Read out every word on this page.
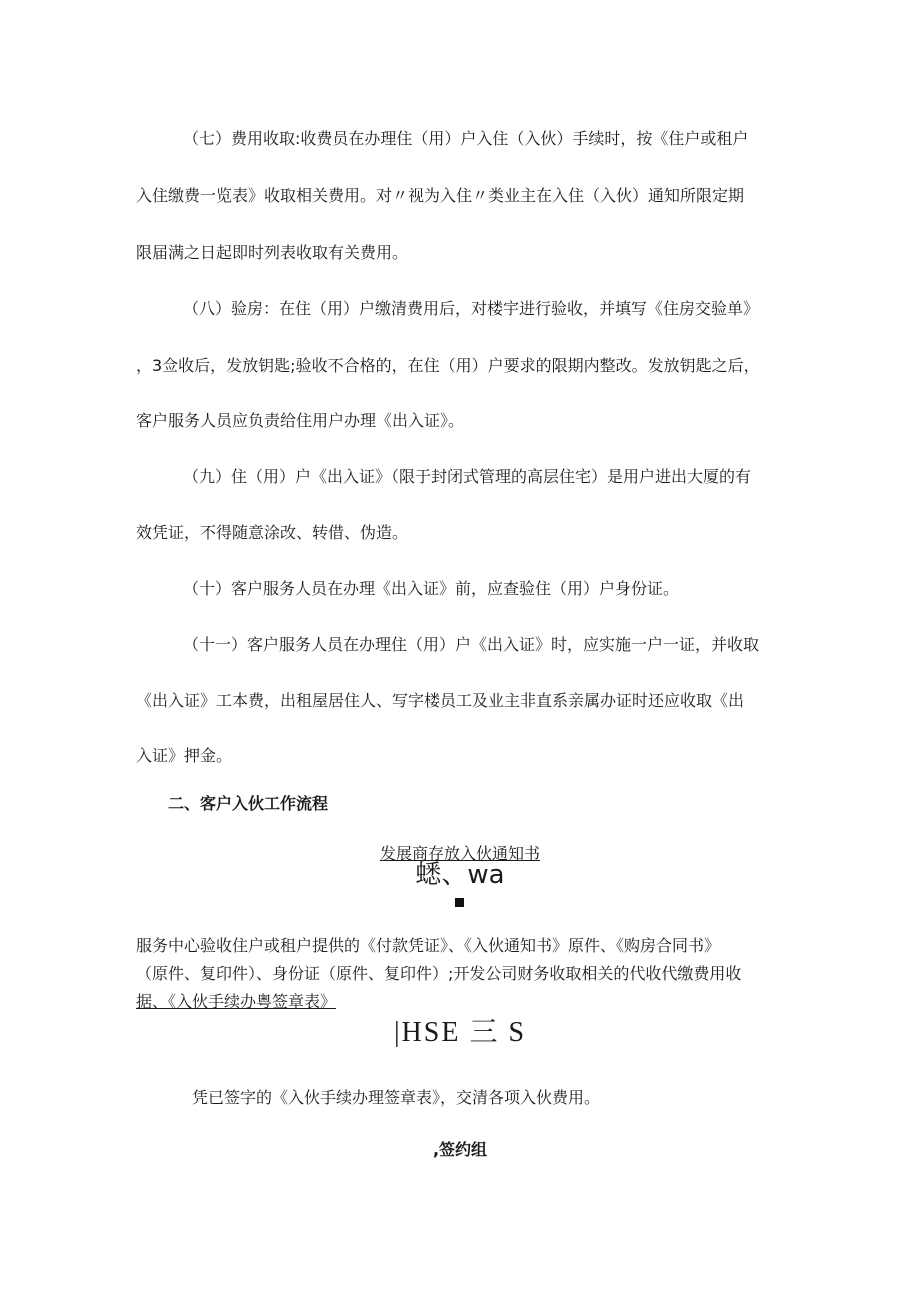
（七）费用收取:收费员在办理住（用）户入住（入伙）手续时，按《住户或租户
入住缴费一览表》收取相关费用。对〃视为入住〃类业主在入住（入伙）通知所限定期
限届满之日起即时列表收取有关费用。
（八）验房：在住（用）户缴清费用后，对楼宇进行验收，并填写《住房交验单》
，3佥收后，发放钥匙;验收不合格的，在住（用）户要求的限期内整改。发放钥匙之后，
客户服务人员应负责给住用户办理《出入证》。
（九）住（用）户《出入证》（限于封闭式管理的高层住宅）是用户进出大厦的有
效凭证，不得随意涂改、转借、伪造。
（十）客户服务人员在办理《出入证》前，应查验住（用）户身份证。
（十一）客户服务人员在办理住（用）户《出入证》时，应实施一户一证，并收取
《出入证》工本费，出租屋居住人、写字楼员工及业主非直系亲属办证时还应收取《出
入证》押金。
二、客户入伙工作流程
发展商存放入伙通知书
蟋、wa
服务中心验收住户或租户提供的《付款凭证》、《入伙通知书》原件、《购房合同书》
（原件、复印件）、身份证（原件、复印件）;开发公司财务收取相关的代收代缴费用收
据、《入伙手续办粤签章表》
|HSE 三 S
凭已签字的《入伙手续办理签章表》，交清各项入伙费用。
,签约组
